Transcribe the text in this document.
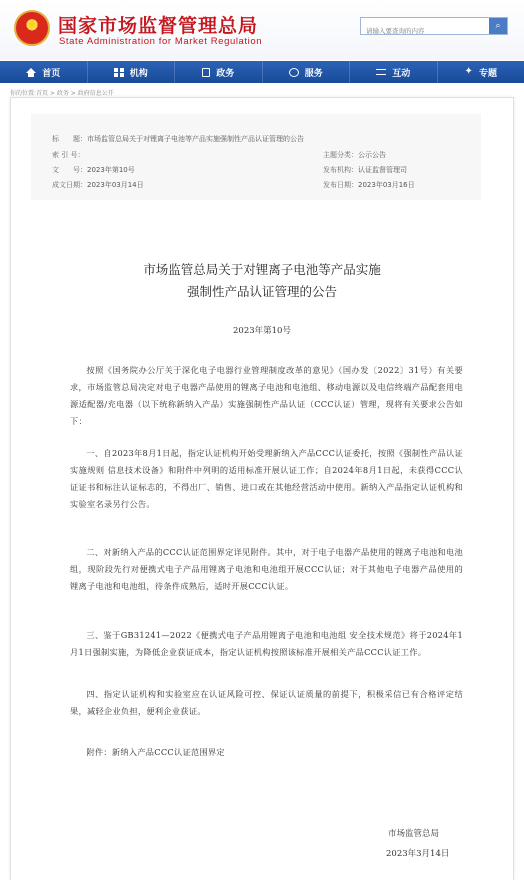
★	国家市场监督管理总局
State Administration for Market Regulation
请输入要查询的内容
⌕
首页	机构	政务	服务	互动	✦ 专题
你的位置:首页 > 政务 > 政府信息公开
标　　题：市场监管总局关于对锂离子电池等产品实施强制性产品认证管理的公告
索 引 号：	主题分类：公示公告
文　　号：2023年第10号	发布机构：认证监督管理司
成文日期：2023年03月14日	发布日期：2023年03月16日
市场监管总局关于对锂离子电池等产品实施
强制性产品认证管理的公告
2023年第10号
按照《国务院办公厅关于深化电子电器行业管理制度改革的意见》（国办发〔2022〕31号）有关要求，市场监管总局决定对电子电器产品使用的锂离子电池和电池组、移动电源以及电信终端产品配套用电源适配器/充电器（以下统称新纳入产品）实施强制性产品认证（CCC认证）管理，现将有关要求公告如下：
一、自2023年8月1日起，指定认证机构开始受理新纳入产品CCC认证委托，按照《强制性产品认证实施规则 信息技术设备》和附件中列明的适用标准开展认证工作；自2024年8月1日起，未获得CCC认证证书和标注认证标志的，不得出厂、销售、进口或在其他经营活动中使用。新纳入产品指定认证机构和实验室名录另行公告。
二、对新纳入产品的CCC认证范围界定详见附件。其中，对于电子电器产品使用的锂离子电池和电池组，现阶段先行对便携式电子产品用锂离子电池和电池组开展CCC认证；对于其他电子电器产品使用的锂离子电池和电池组，待条件成熟后，适时开展CCC认证。
三、鉴于GB31241—2022《便携式电子产品用锂离子电池和电池组 安全技术规范》将于2024年1月1日强制实施，为降低企业获证成本，指定认证机构按照该标准开展相关产品CCC认证工作。
四、指定认证机构和实验室应在认证风险可控、保证认证质量的前提下，积极采信已有合格评定结果，减轻企业负担，便利企业获证。
附件：新纳入产品CCC认证范围界定
市场监管总局
2023年3月14日
